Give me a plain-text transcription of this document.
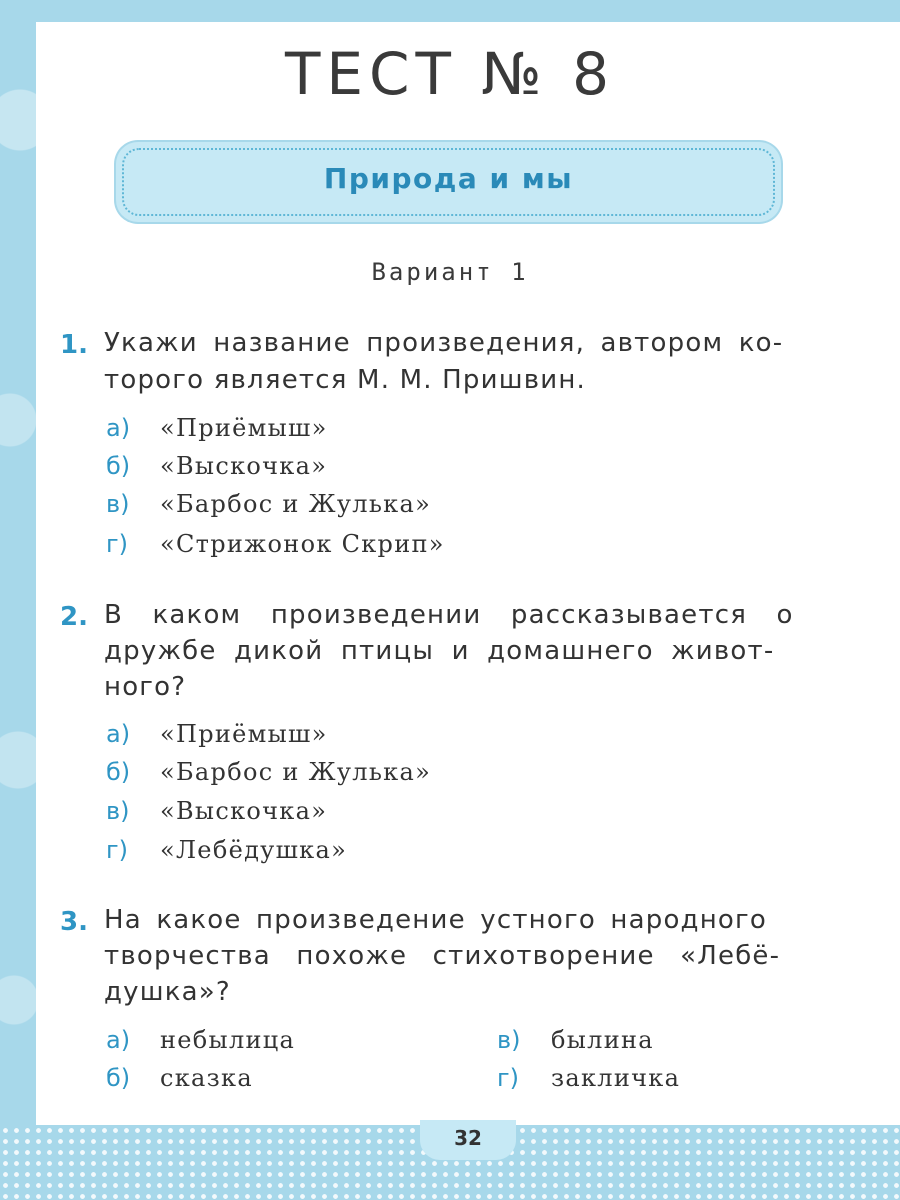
ТЕСТ № 8
Природа и мы
Вариант 1
1. Укажи название произведения, автором ко-
торого является М. М. Пришвин.
а) «Приёмыш»
б) «Выскочка»
в) «Барбос и Жулька»
г) «Стрижонок Скрип»
2. В каком произведении рассказывается о
дружбе дикой птицы и домашнего живот-
ного?
а) «Приёмыш»
б) «Барбос и Жулька»
в) «Выскочка»
г) «Лебёдушка»
3. На какое произведение устного народного
творчества похоже стихотворение «Лебё-
душка»?
а) небылица
б) сказка
в) былина
г) закличка
32
